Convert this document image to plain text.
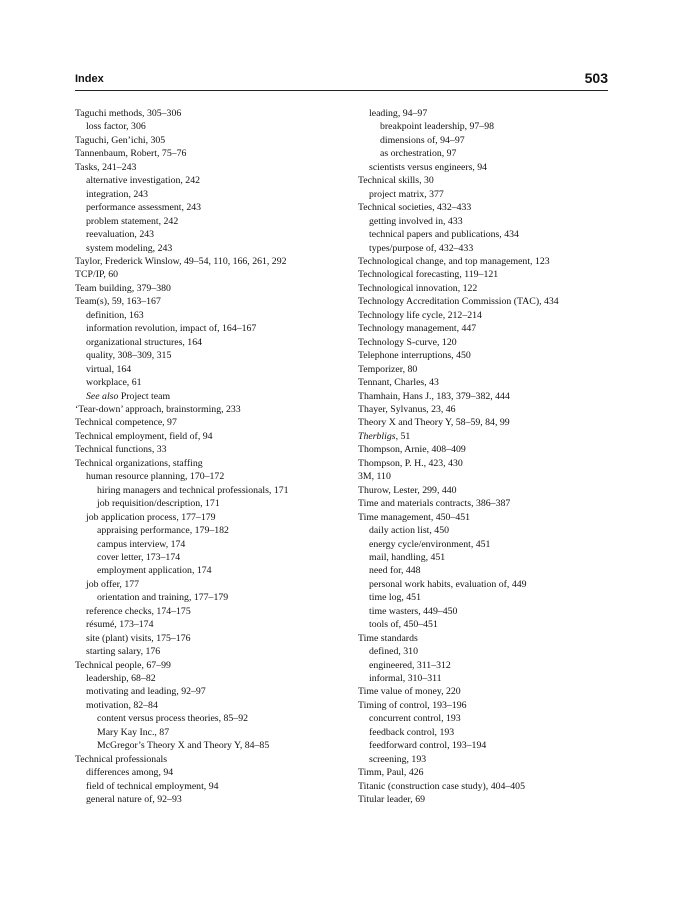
Index	503
Taguchi methods, 305–306
loss factor, 306
Taguchi, Gen’ichi, 305
Tannenbaum, Robert, 75–76
Tasks, 241–243
alternative investigation, 242
integration, 243
performance assessment, 243
problem statement, 242
reevaluation, 243
system modeling, 243
Taylor, Frederick Winslow, 49–54, 110, 166, 261, 292
TCP/IP, 60
Team building, 379–380
Team(s), 59, 163–167
definition, 163
information revolution, impact of, 164–167
organizational structures, 164
quality, 308–309, 315
virtual, 164
workplace, 61
See also Project team
‘Tear-down’ approach, brainstorming, 233
Technical competence, 97
Technical employment, field of, 94
Technical functions, 33
Technical organizations, staffing
human resource planning, 170–172
hiring managers and technical professionals, 171
job requisition/description, 171
job application process, 177–179
appraising performance, 179–182
campus interview, 174
cover letter, 173–174
employment application, 174
job offer, 177
orientation and training, 177–179
reference checks, 174–175
résumé, 173–174
site (plant) visits, 175–176
starting salary, 176
Technical people, 67–99
leadership, 68–82
motivating and leading, 92–97
motivation, 82–84
content versus process theories, 85–92
Mary Kay Inc., 87
McGregor’s Theory X and Theory Y, 84–85
Technical professionals
differences among, 94
field of technical employment, 94
general nature of, 92–93
leading, 94–97
breakpoint leadership, 97–98
dimensions of, 94–97
as orchestration, 97
scientists versus engineers, 94
Technical skills, 30
project matrix, 377
Technical societies, 432–433
getting involved in, 433
technical papers and publications, 434
types/purpose of, 432–433
Technological change, and top management, 123
Technological forecasting, 119–121
Technological innovation, 122
Technology Accreditation Commission (TAC), 434
Technology life cycle, 212–214
Technology management, 447
Technology S-curve, 120
Telephone interruptions, 450
Temporizer, 80
Tennant, Charles, 43
Thamhain, Hans J., 183, 379–382, 444
Thayer, Sylvanus, 23, 46
Theory X and Theory Y, 58–59, 84, 99
Therbligs, 51
Thompson, Arnie, 408–409
Thompson, P. H., 423, 430
3M, 110
Thurow, Lester, 299, 440
Time and materials contracts, 386–387
Time management, 450–451
daily action list, 450
energy cycle/environment, 451
mail, handling, 451
need for, 448
personal work habits, evaluation of, 449
time log, 451
time wasters, 449–450
tools of, 450–451
Time standards
defined, 310
engineered, 311–312
informal, 310–311
Time value of money, 220
Timing of control, 193–196
concurrent control, 193
feedback control, 193
feedforward control, 193–194
screening, 193
Timm, Paul, 426
Titanic (construction case study), 404–405
Titular leader, 69
